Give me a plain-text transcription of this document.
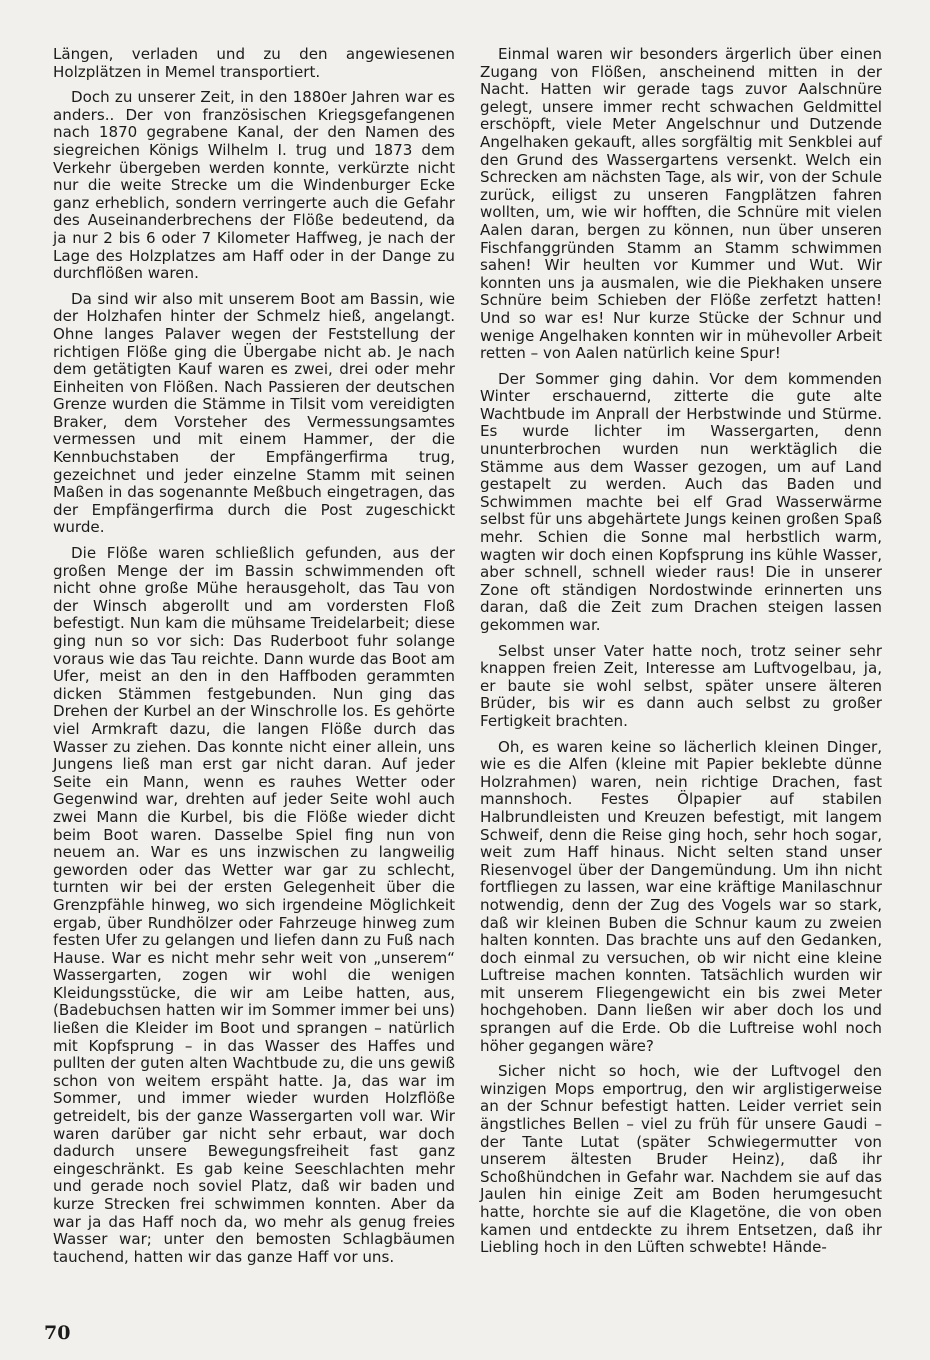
Längen, verladen und zu den angewiesenen Holzplätzen in Memel transportiert.

Doch zu unserer Zeit, in den 1880er Jahren war es anders.. Der von französischen Kriegsgefangenen nach 1870 gegrabene Kanal, der den Namen des siegreichen Königs Wilhelm I. trug und 1873 dem Verkehr übergeben werden konnte, verkürzte nicht nur die weite Strecke um die Windenburger Ecke ganz erheblich, sondern verringerte auch die Gefahr des Auseinanderbrechens der Flöße bedeutend, da ja nur 2 bis 6 oder 7 Kilometer Haffweg, je nach der Lage des Holzplatzes am Haff oder in der Dange zu durchflößen waren.

Da sind wir also mit unserem Boot am Bassin, wie der Holzhafen hinter der Schmelz hieß, angelangt. Ohne langes Palaver wegen der Feststellung der richtigen Flöße ging die Übergabe nicht ab. Je nach dem getätigten Kauf waren es zwei, drei oder mehr Einheiten von Flößen. Nach Passieren der deutschen Grenze wurden die Stämme in Tilsit vom vereidigten Braker, dem Vorsteher des Vermessungsamtes vermessen und mit einem Hammer, der die Kennbuchstaben der Empfängerfirma trug, gezeichnet und jeder einzelne Stamm mit seinen Maßen in das sogenannte Meßbuch eingetragen, das der Empfängerfirma durch die Post zugeschickt wurde.

Die Flöße waren schließlich gefunden, aus der großen Menge der im Bassin schwimmenden oft nicht ohne große Mühe herausgeholt, das Tau von der Winsch abgerollt und am vordersten Floß befestigt. Nun kam die mühsame Treidelarbeit; diese ging nun so vor sich: Das Ruderboot fuhr solange voraus wie das Tau reichte. Dann wurde das Boot am Ufer, meist an den in den Haffboden gerammten dicken Stämmen festgebunden. Nun ging das Drehen der Kurbel an der Winschrolle los. Es gehörte viel Armkraft dazu, die langen Flöße durch das Wasser zu ziehen. Das konnte nicht einer allein, uns Jungens ließ man erst gar nicht daran. Auf jeder Seite ein Mann, wenn es rauhes Wetter oder Gegenwind war, drehten auf jeder Seite wohl auch zwei Mann die Kurbel, bis die Flöße wieder dicht beim Boot waren. Dasselbe Spiel fing nun von neuem an. War es uns inzwischen zu langweilig geworden oder das Wetter war gar zu schlecht, turnten wir bei der ersten Gelegenheit über die Grenzpfähle hinweg, wo sich irgendeine Möglichkeit ergab, über Rundhölzer oder Fahrzeuge hinweg zum festen Ufer zu gelangen und liefen dann zu Fuß nach Hause. War es nicht mehr sehr weit von „unserem“ Wassergarten, zogen wir wohl die wenigen Kleidungsstücke, die wir am Leibe hatten, aus, (Badebuchsen hatten wir im Sommer immer bei uns) ließen die Kleider im Boot und sprangen – natürlich mit Kopfsprung – in das Wasser des Haffes und pullten der guten alten Wachtbude zu, die uns gewiß schon von weitem erspäht hatte. Ja, das war im Sommer, und immer wieder wurden Holzflöße getreidelt, bis der ganze Wassergarten voll war. Wir waren darüber gar nicht sehr erbaut, war doch dadurch unsere Bewegungsfreiheit fast ganz eingeschränkt. Es gab keine Seeschlachten mehr und gerade noch soviel Platz, daß wir baden und kurze Strecken frei schwimmen konnten. Aber da war ja das Haff noch da, wo mehr als genug freies Wasser war; unter den bemosten Schlagbäumen tauchend, hatten wir das ganze Haff vor uns.

Einmal waren wir besonders ärgerlich über einen Zugang von Flößen, anscheinend mitten in der Nacht. Hatten wir gerade tags zuvor Aalschnüre gelegt, unsere immer recht schwachen Geldmittel erschöpft, viele Meter Angelschnur und Dutzende Angelhaken gekauft, alles sorgfältig mit Senkblei auf den Grund des Wassergartens versenkt. Welch ein Schrecken am nächsten Tage, als wir, von der Schule zurück, eiligst zu unseren Fangplätzen fahren wollten, um, wie wir hofften, die Schnüre mit vielen Aalen daran, bergen zu können, nun über unseren Fischfanggründen Stamm an Stamm schwimmen sahen! Wir heulten vor Kummer und Wut. Wir konnten uns ja ausmalen, wie die Piekhaken unsere Schnüre beim Schieben der Flöße zerfetzt hatten! Und so war es! Nur kurze Stücke der Schnur und wenige Angelhaken konnten wir in mühevoller Arbeit retten – von Aalen natürlich keine Spur!

Der Sommer ging dahin. Vor dem kommenden Winter erschauernd, zitterte die gute alte Wachtbude im Anprall der Herbstwinde und Stürme. Es wurde lichter im Wassergarten, denn ununterbrochen wurden nun werktäglich die Stämme aus dem Wasser gezogen, um auf Land gestapelt zu werden. Auch das Baden und Schwimmen machte bei elf Grad Wasserwärme selbst für uns abgehärtete Jungs keinen großen Spaß mehr. Schien die Sonne mal herbstlich warm, wagten wir doch einen Kopfsprung ins kühle Wasser, aber schnell, schnell wieder raus! Die in unserer Zone oft ständigen Nordostwinde erinnerten uns daran, daß die Zeit zum Drachen steigen lassen gekommen war.

Selbst unser Vater hatte noch, trotz seiner sehr knappen freien Zeit, Interesse am Luftvogelbau, ja, er baute sie wohl selbst, später unsere älteren Brüder, bis wir es dann auch selbst zu großer Fertigkeit brachten.

Oh, es waren keine so lächerlich kleinen Dinger, wie es die Alfen (kleine mit Papier beklebte dünne Holzrahmen) waren, nein richtige Drachen, fast mannshoch. Festes Ölpapier auf stabilen Halbrundleisten und Kreuzen befestigt, mit langem Schweif, denn die Reise ging hoch, sehr hoch sogar, weit zum Haff hinaus. Nicht selten stand unser Riesenvogel über der Dangemündung. Um ihn nicht fortfliegen zu lassen, war eine kräftige Manilaschnur notwendig, denn der Zug des Vogels war so stark, daß wir kleinen Buben die Schnur kaum zu zweien halten konnten. Das brachte uns auf den Gedanken, doch einmal zu versuchen, ob wir nicht eine kleine Luftreise machen konnten. Tatsächlich wurden wir mit unserem Fliegengewicht ein bis zwei Meter hochgehoben. Dann ließen wir aber doch los und sprangen auf die Erde. Ob die Luftreise wohl noch höher gegangen wäre?

Sicher nicht so hoch, wie der Luftvogel den winzigen Mops emportrug, den wir arglistigerweise an der Schnur befestigt hatten. Leider verriet sein ängstliches Bellen – viel zu früh für unsere Gaudi – der Tante Lutat (später Schwiegermutter von unserem ältesten Bruder Heinz), daß ihr Schoßhündchen in Gefahr war. Nachdem sie auf das Jaulen hin einige Zeit am Boden herumgesucht hatte, horchte sie auf die Klagetöne, die von oben kamen und entdeckte zu ihrem Entsetzen, daß ihr Liebling hoch in den Lüften schwebte! Hände-

70
